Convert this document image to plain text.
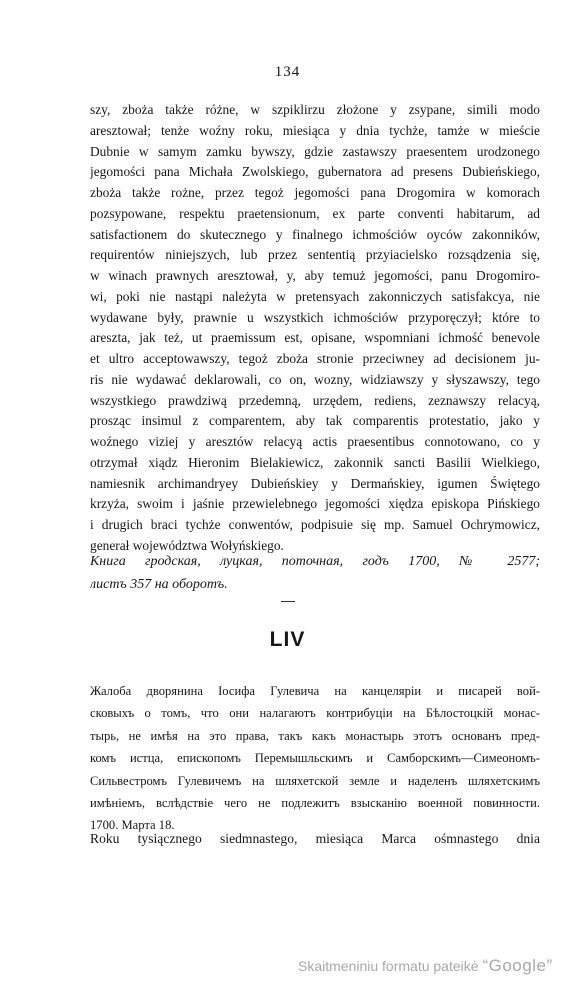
134
szy, zboża także różne, w szpiklirzu złożone y zsypane, simili modo
aresztował; tenże woźny roku, miesiąca y dnia tychże, tamże w mieście
Dubnie w samym zamku bywszy, gdzie zastawszy praesentem urodzonego
jegomości pana Michała Zwolskiego, gubernatora ad presens Dubieńskiego,
zboża także rożne, przez tegoż jegomości pana Drogomira w komorach
pozsypowane, respektu praetensionum, ex parte conventi habitarum, ad
satisfactionem do skutecznego y finalnego ichmościów oyców zakonników,
requirentów niniejszych, lub przez sententią przyiacielsko rozsądzenia się,
w winach prawnych aresztował, y, aby temuż jegomości, panu Drogomiro-
wi, poki nie nastąpi należyta w pretensyach zakonniczych satisfakcya, nie
wydawane były, prawnie u wszystkich ichmościów przyporęczył; które to
areszta, jak też, ut praemissum est, opisane, wspomniani ichmość benevole
et ultro acceptowawszy, tegoż zboża stronie przeciwney ad decisionem ju-
ris nie wydawać deklarowali, co on, wozny, widziawszy y słyszawszy, tego
wszystkiego prawdziwą przedemną, urzędem, rediens, zeznawszy relacyą,
prosząc insimul z comparentem, aby tak comparentis protestatio, jako y
woźnego viziej y aresztów relacyą actis praesentibus connotowano, co y
otrzymał xiądz Hieronim Bielakiewicz, zakonnik sancti Basilii Wielkiego,
namiesnik archimandryey Dubieńskiey y Dermańskiey, igumen Świętego
krzyża, swoim i jaśnie przewielebnego jegomości xiędza episkopa Pińskiego
i drugich braci tychże conwentów, podpisuie się mp. Samuel Ochrymowicz,
generał województwa Wołyńskiego.
Книга гродская, луцкая, поточная, годъ 1700, № 2577;
листъ 357 на оборотъ.
LIV
Жалоба дворянина Іосифа Гулевича на канцеляріи и писарей вой-
сковыхъ о томъ, что они налагаютъ контрибуціи на Бѣлостоцкій монас-
тырь, не имѣя на это права, такъ какъ монастырь этотъ основанъ пред-
комъ истца, епископомъ Перемышльскимъ и Самборскимъ—Симеономъ-
Сильвестромъ Гулевичемъ на шляхетской земле и наделенъ шляхетскимъ
имѣніемъ, вслѣдствіе чего не подлежитъ взысканію военной повинности.
1700. Марта 18.
Roku tysiącznego siedmnastego, miesiąca Marca ośmnastego dnia
Skaitmeniniu formatu pateikė “Google”
